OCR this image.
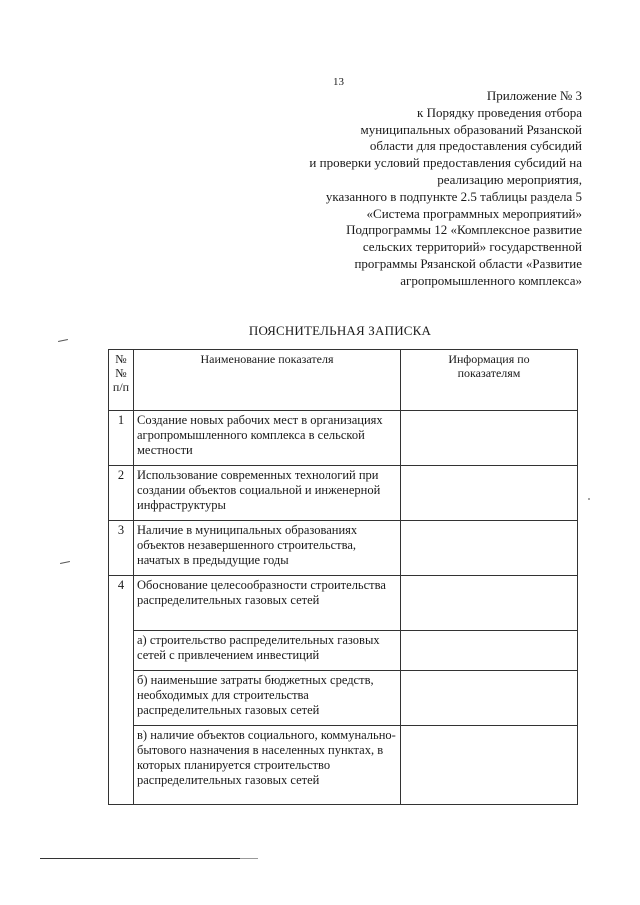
13
Приложение № 3
к Порядку проведения отбора
муниципальных образований Рязанской
области для предоставления субсидий
и проверки условий предоставления субсидий на
реализацию мероприятия,
указанного в подпункте 2.5 таблицы раздела 5
«Система программных мероприятий»
Подпрограммы 12 «Комплексное развитие
сельских территорий» государственной
программы Рязанской области «Развитие
агропромышленного комплекса»
ПОЯСНИТЕЛЬНАЯ ЗАПИСКА
№
№
п/п	Наименование показателя	Информация по
показателям
1	Создание новых рабочих мест в организациях агропромышленного комплекса в сельской местности	
2	Использование современных технологий при создании объектов социальной и инженерной инфраструктуры	
3	Наличие в муниципальных образованиях объектов незавершенного строительства, начатых в предыдущие годы	
4	Обоснование целесообразности строительства распределительных газовых сетей	
	а) строительство распределительных газовых сетей с привлечением инвестиций	
	б) наименьшие затраты бюджетных средств, необходимых для строительства распределительных газовых сетей	
	в) наличие объектов социального, коммунально-бытового назначения в населенных пунктах, в которых планируется строительство распределительных газовых сетей	
